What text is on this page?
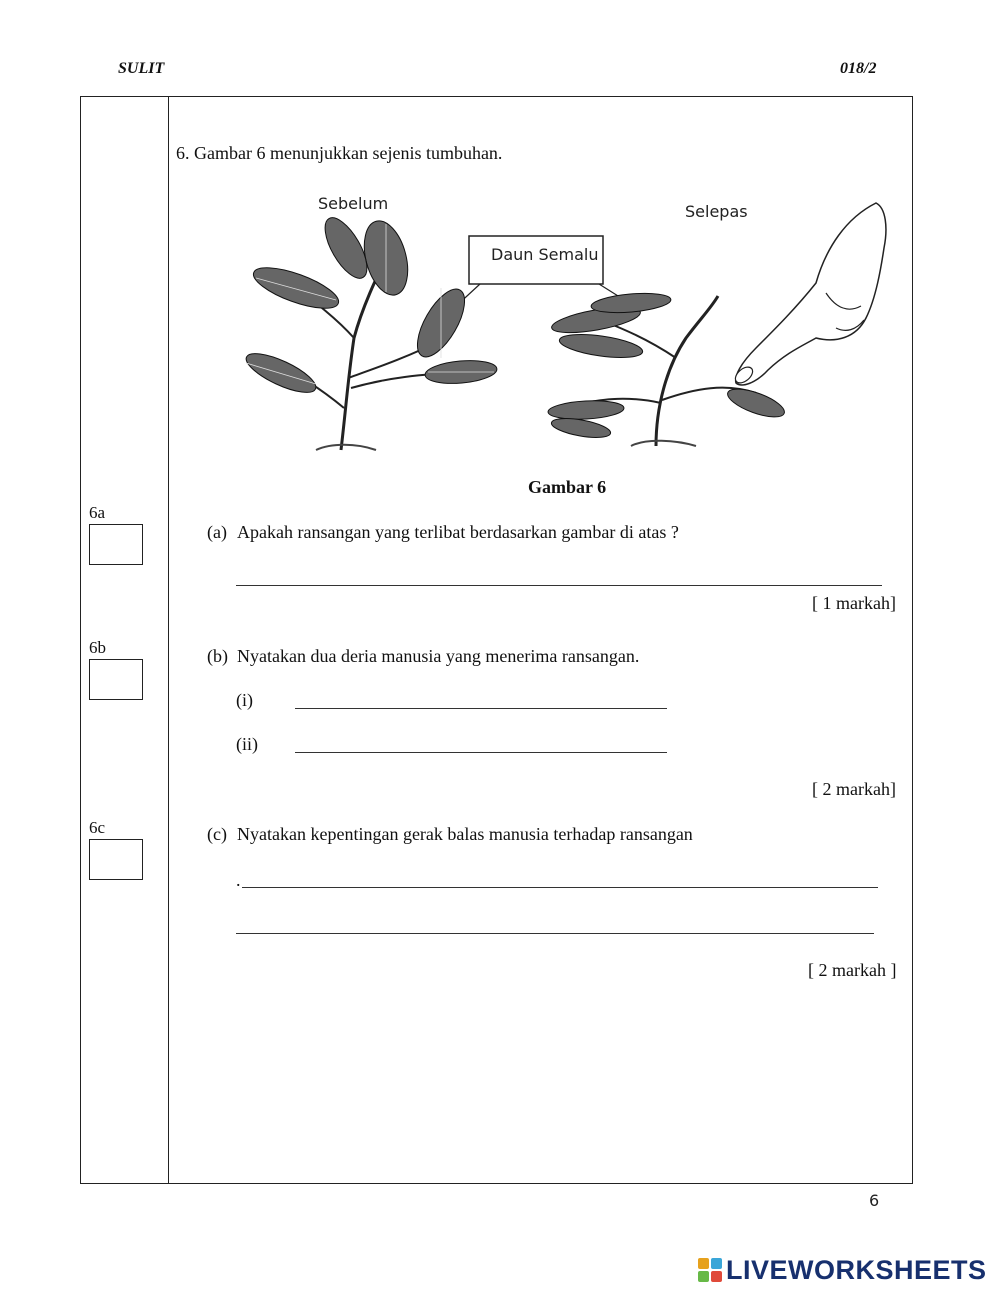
SULIT	018/2
6. Gambar 6 menunjukkan sejenis tumbuhan.
Sebelum	Selepas
Daun Semalu
Gambar 6
6a
(a) Apakah ransangan yang terlibat berdasarkan gambar di atas ?
[ 1 markah]
6b	(b) Nyatakan dua deria manusia yang menerima ransangan.
(i)
(ii)
[ 2 markah]
6c	(c) Nyatakan kepentingan gerak balas manusia terhadap ransangan
.
[ 2 markah ]
6
LIVEWORKSHEETS
